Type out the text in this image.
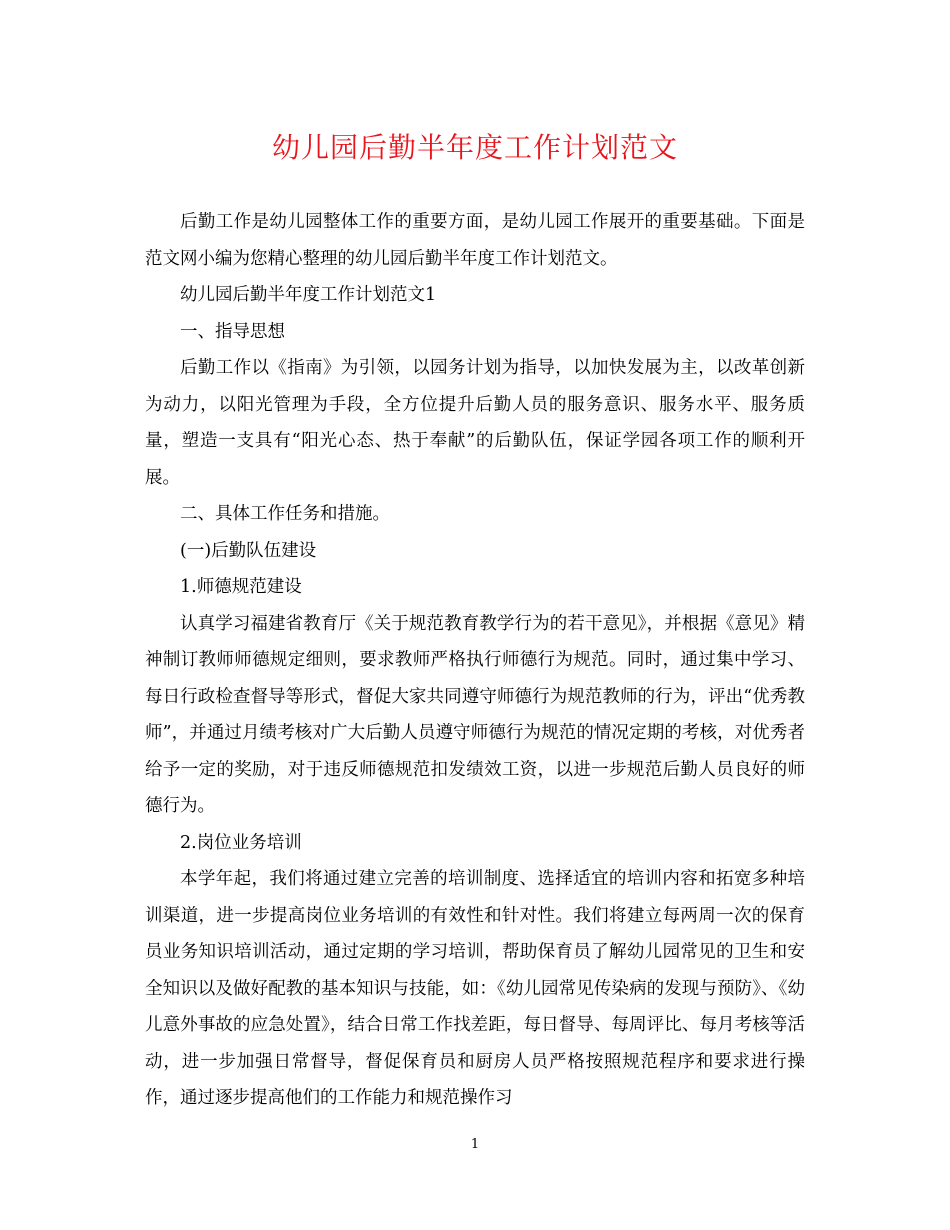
幼儿园后勤半年度工作计划范文

后勤工作是幼儿园整体工作的重要方面，是幼儿园工作展开的重要基础。下面是范文网小编为您精心整理的幼儿园后勤半年度工作计划范文。

幼儿园后勤半年度工作计划范文1

一、指导思想

后勤工作以《指南》为引领，以园务计划为指导，以加快发展为主，以改革创新为动力，以阳光管理为手段，全方位提升后勤人员的服务意识、服务水平、服务质量，塑造一支具有“阳光心态、热于奉献”的后勤队伍，保证学园各项工作的顺利开展。

二、具体工作任务和措施。

(一)后勤队伍建设

1.师德规范建设

认真学习福建省教育厅《关于规范教育教学行为的若干意见》，并根据《意见》精神制订教师师德规定细则，要求教师严格执行师德行为规范。同时，通过集中学习、每日行政检查督导等形式，督促大家共同遵守师德行为规范教师的行为，评出“优秀教师”，并通过月绩考核对广大后勤人员遵守师德行为规范的情况定期的考核，对优秀者给予一定的奖励，对于违反师德规范扣发绩效工资，以进一步规范后勤人员良好的师德行为。

2.岗位业务培训

本学年起，我们将通过建立完善的培训制度、选择适宜的培训内容和拓宽多种培训渠道，进一步提高岗位业务培训的有效性和针对性。我们将建立每两周一次的保育员业务知识培训活动，通过定期的学习培训，帮助保育员了解幼儿园常见的卫生和安全知识以及做好配教的基本知识与技能，如：《幼儿园常见传染病的发现与预防》、《幼儿意外事故的应急处置》，结合日常工作找差距，每日督导、每周评比、每月考核等活动，进一步加强日常督导，督促保育员和厨房人员严格按照规范程序和要求进行操作，通过逐步提高他们的工作能力和规范操作习

1
